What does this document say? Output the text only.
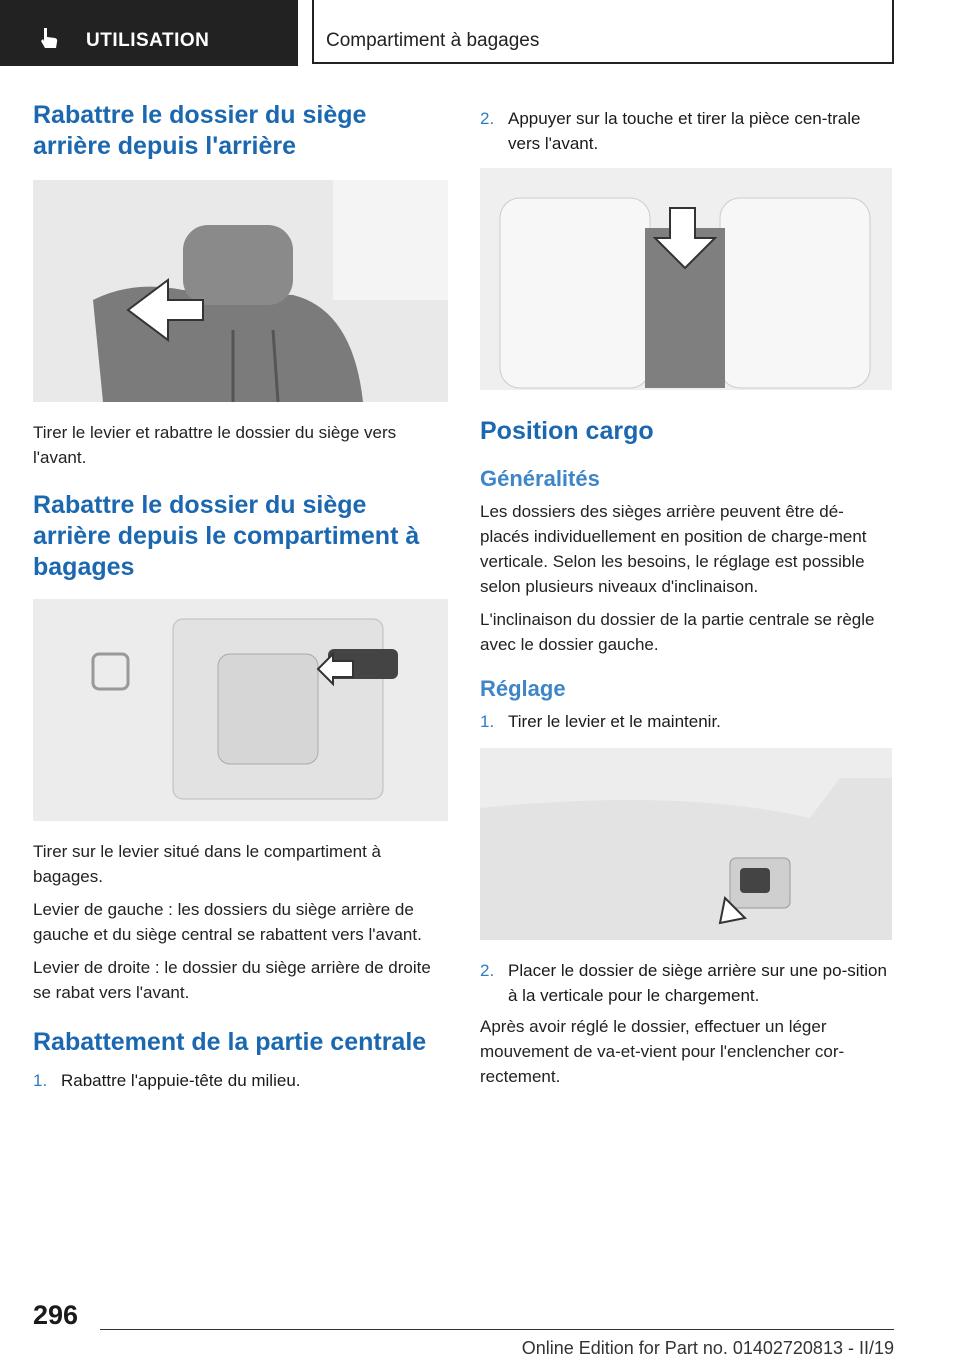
UTILISATION	Compartiment à bagages
Rabattre le dossier du siège arrière depuis l'arrière

Tirer le levier et rabattre le dossier du siège vers l'avant.

Rabattre le dossier du siège arrière depuis le compartiment à bagages

Tirer sur le levier situé dans le compartiment à bagages.

Levier de gauche : les dossiers du siège arrière de gauche et du siège central se rabattent vers l'avant.

Levier de droite : le dossier du siège arrière de droite se rabat vers l'avant.

Rabattement de la partie centrale
1. Rabattre l'appuie-tête du milieu.
2. Appuyer sur la touche et tirer la pièce cen-trale vers l'avant.
Position cargo
Généralités

Les dossiers des sièges arrière peuvent être dé-placés individuellement en position de charge-ment verticale. Selon les besoins, le réglage est possible selon plusieurs niveaux d'inclinaison.

L'inclinaison du dossier de la partie centrale se règle avec le dossier gauche.

Réglage
1. Tirer le levier et le maintenir.
2. Placer le dossier de siège arrière sur une po-sition à la verticale pour le chargement.

Après avoir réglé le dossier, effectuer un léger mouvement de va-et-vient pour l'enclencher cor-rectement.

296
Online Edition for Part no. 01402720813 - II/19
